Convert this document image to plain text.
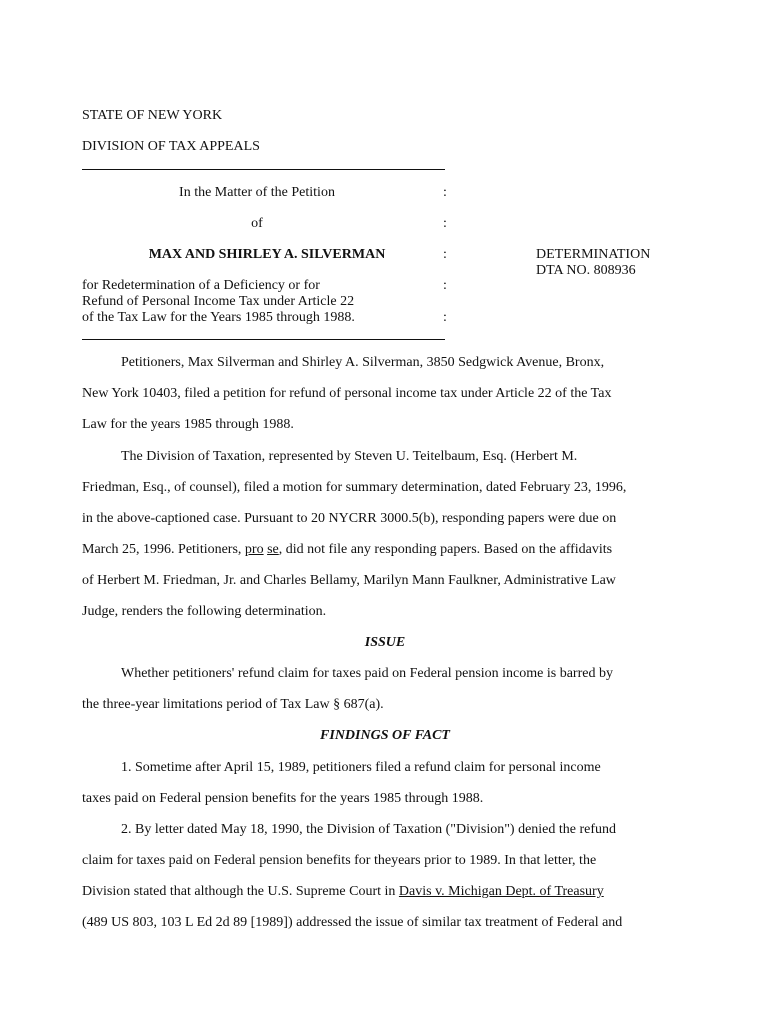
STATE OF NEW YORK
DIVISION OF TAX APPEALS
In the Matter of the Petition	:
of	:
MAX AND SHIRLEY A. SILVERMAN	:	DETERMINATION
DTA NO. 808936
for Redetermination of a Deficiency or for	:
Refund of Personal Income Tax under Article 22
of the Tax Law for the Years 1985 through 1988.	:
Petitioners, Max Silverman and Shirley A. Silverman, 3850 Sedgwick Avenue, Bronx,
New York 10403, filed a petition for refund of personal income tax under Article 22 of the Tax
Law for the years 1985 through 1988.
The Division of Taxation, represented by Steven U. Teitelbaum, Esq. (Herbert M.
Friedman, Esq., of counsel), filed a motion for summary determination, dated February 23, 1996,
in the above-captioned case. Pursuant to 20 NYCRR 3000.5(b), responding papers were due on
March 25, 1996. Petitioners, pro se, did not file any responding papers. Based on the affidavits
of Herbert M. Friedman, Jr. and Charles Bellamy, Marilyn Mann Faulkner, Administrative Law
Judge, renders the following determination.
ISSUE
Whether petitioners' refund claim for taxes paid on Federal pension income is barred by
the three-year limitations period of Tax Law § 687(a).
FINDINGS OF FACT
1. Sometime after April 15, 1989, petitioners filed a refund claim for personal income
taxes paid on Federal pension benefits for the years 1985 through 1988.
2. By letter dated May 18, 1990, the Division of Taxation ("Division") denied the refund
claim for taxes paid on Federal pension benefits for theyears prior to 1989. In that letter, the
Division stated that although the U.S. Supreme Court in Davis v. Michigan Dept. of Treasury
(489 US 803, 103 L Ed 2d 89 [1989]) addressed the issue of similar tax treatment of Federal and
